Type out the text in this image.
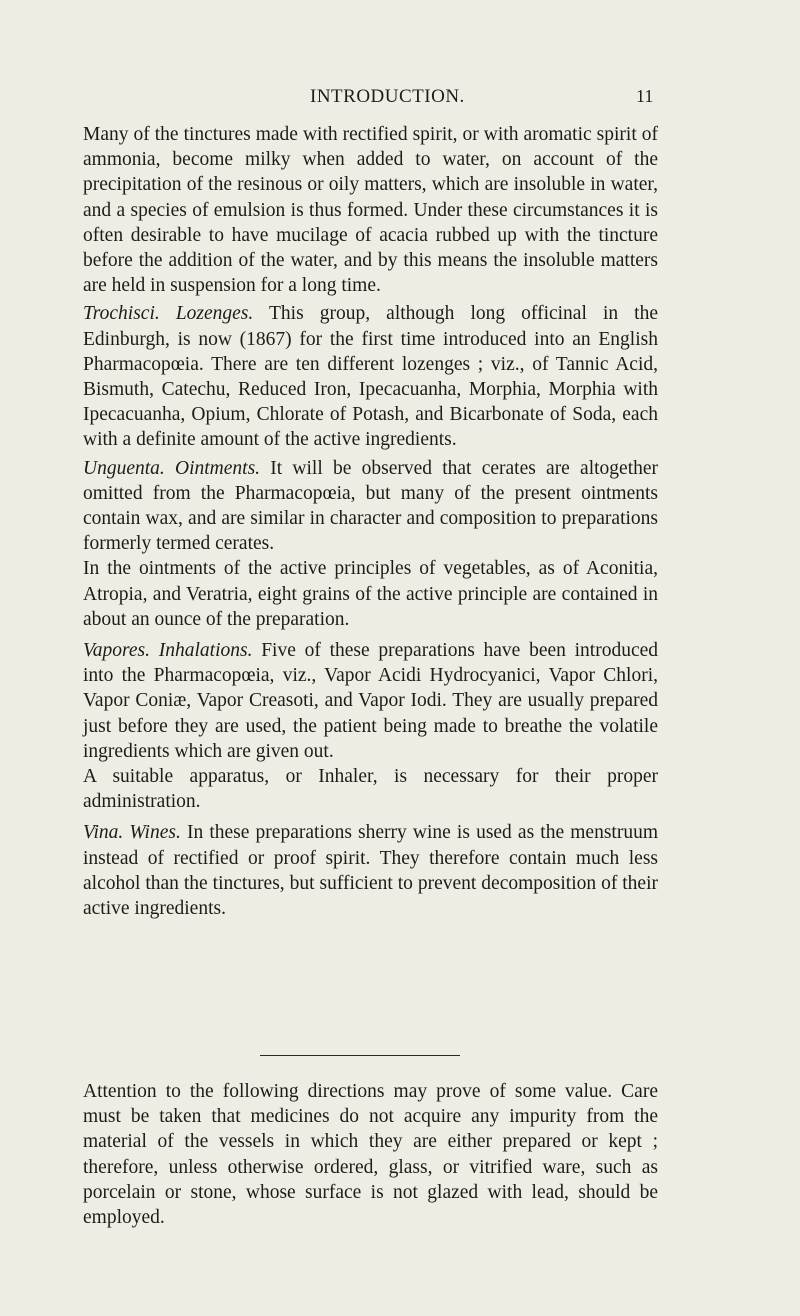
INTRODUCTION.	11

Many of the tinctures made with rectified spirit, or with aromatic spirit of ammonia, become milky when added to water, on account of the precipitation of the resinous or oily matters, which are insoluble in water, and a species of emulsion is thus formed. Under these circumstances it is often desirable to have mucilage of acacia rubbed up with the tincture before the addition of the water, and by this means the insoluble matters are held in suspension for a long time.

Trochisci. Lozenges. This group, although long officinal in the Edinburgh, is now (1867) for the first time introduced into an English Pharmacopœia. There are ten different lozenges ; viz., of Tannic Acid, Bismuth, Catechu, Reduced Iron, Ipecacuanha, Morphia, Morphia with Ipecacuanha, Opium, Chlorate of Potash, and Bicarbonate of Soda, each with a definite amount of the active ingredients.

Unguenta. Ointments. It will be observed that cerates are altogether omitted from the Pharmacopœia, but many of the present ointments contain wax, and are similar in character and composition to preparations formerly termed cerates.

In the ointments of the active principles of vegetables, as of Aconitia, Atropia, and Veratria, eight grains of the active principle are contained in about an ounce of the preparation.

Vapores. Inhalations. Five of these preparations have been introduced into the Pharmacopœia, viz., Vapor Acidi Hydrocyanici, Vapor Chlori, Vapor Coniæ, Vapor Creasoti, and Vapor Iodi. They are usually prepared just before they are used, the patient being made to breathe the volatile ingredients which are given out.

A suitable apparatus, or Inhaler, is necessary for their proper administration.

Vina. Wines. In these preparations sherry wine is used as the menstruum instead of rectified or proof spirit. They therefore contain much less alcohol than the tinctures, but sufficient to prevent decomposition of their active ingredients.

Attention to the following directions may prove of some value. Care must be taken that medicines do not acquire any impurity from the material of the vessels in which they are either prepared or kept ; therefore, unless otherwise ordered, glass, or vitrified ware, such as porcelain or stone, whose surface is not glazed with lead, should be employed.
